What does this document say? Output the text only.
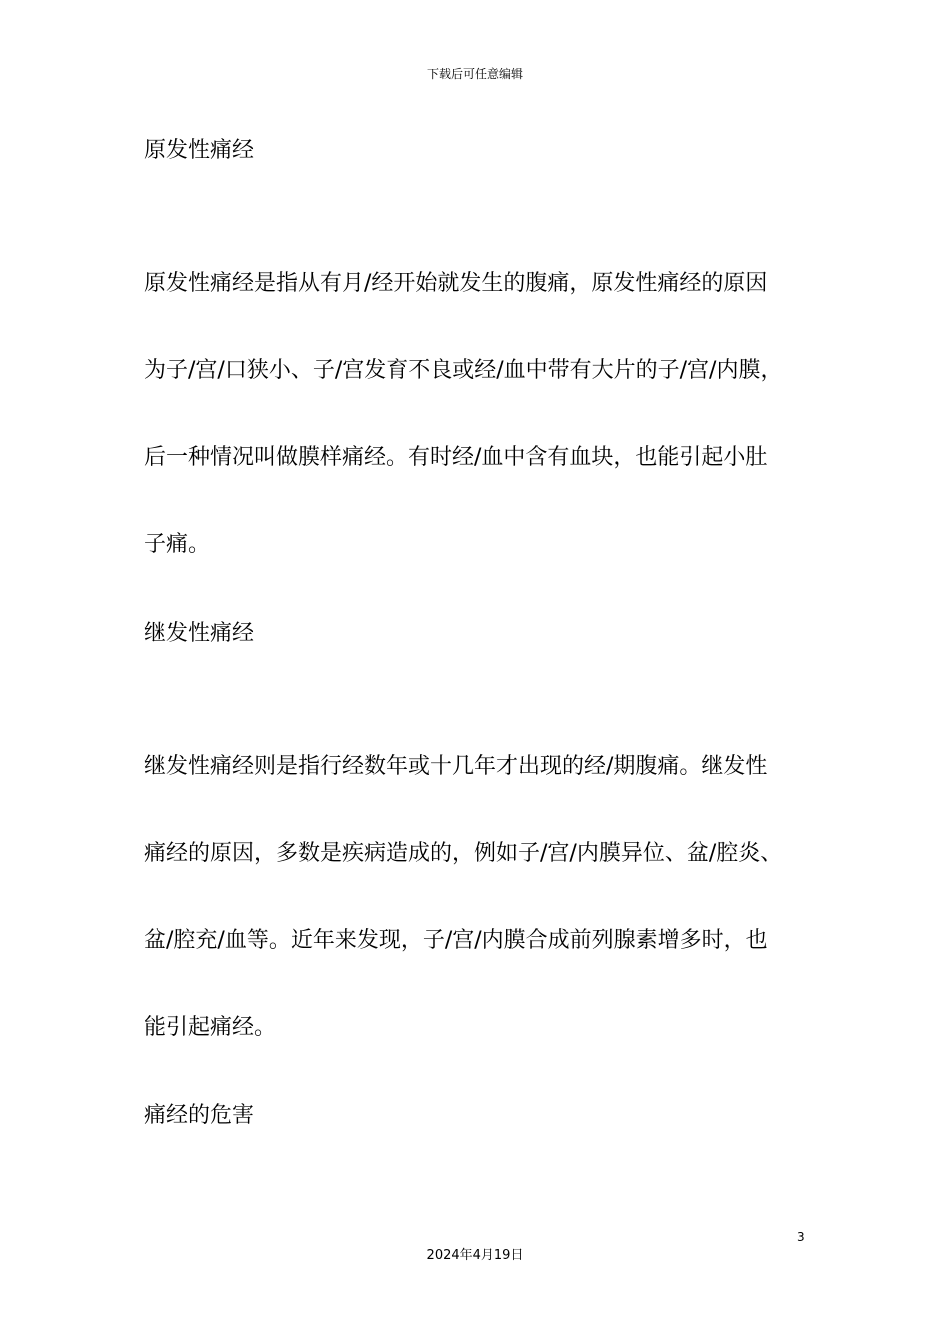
下载后可任意编辑
原发性痛经
原发性痛经是指从有月/经开始就发生的腹痛，原发性痛经的原因
为子/宫/口狭小、子/宫发育不良或经/血中带有大片的子/宫/内膜，
后一种情况叫做膜样痛经。有时经/血中含有血块，也能引起小肚
子痛。
继发性痛经
继发性痛经则是指行经数年或十几年才出现的经/期腹痛。继发性
痛经的原因，多数是疾病造成的，例如子/宫/内膜异位、盆/腔炎、
盆/腔充/血等。近年来发现，子/宫/内膜合成前列腺素增多时，也
能引起痛经。
痛经的危害
3
2024年4月19日
